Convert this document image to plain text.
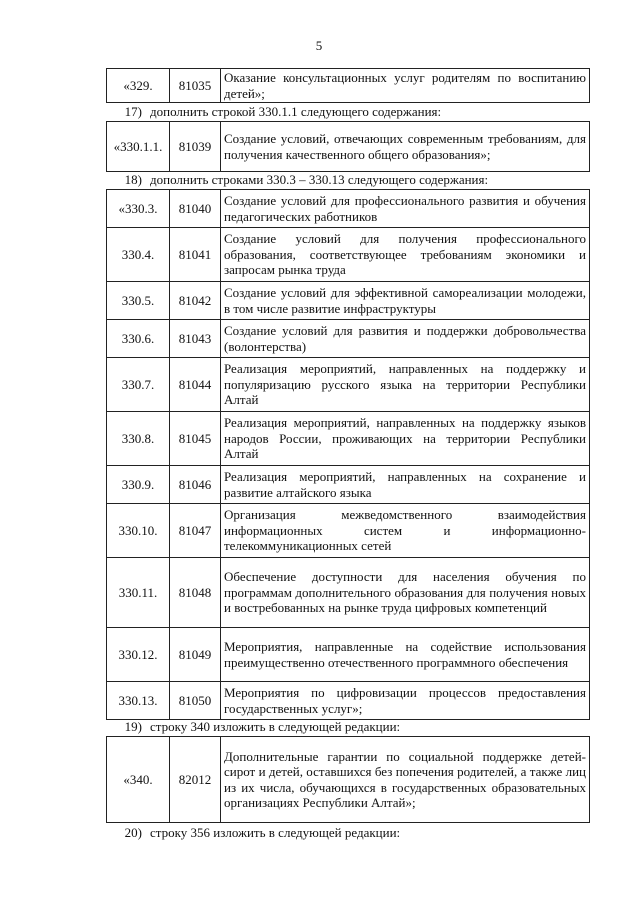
5
«329.	81035	Оказание консультационных услуг родителям по воспитанию детей»;
17) дополнить строкой 330.1.1 следующего содержания:
«330.1.1.	81039	Создание условий, отвечающих современным требованиям, для получения качественного общего образования»;
18) дополнить строками 330.3 – 330.13 следующего содержания:
«330.3.	81040	Создание условий для профессионального развития и обучения педагогических работников
330.4.	81041	Создание условий для получения профессионального образования, соответствующее требованиям экономики и запросам рынка труда
330.5.	81042	Создание условий для эффективной самореализации молодежи, в том числе развитие инфраструктуры
330.6.	81043	Создание условий для развития и поддержки добровольчества (волонтерства)
330.7.	81044	Реализация мероприятий, направленных на поддержку и популяризацию русского языка на территории Республики Алтай
330.8.	81045	Реализация мероприятий, направленных на поддержку языков народов России, проживающих на территории Республики Алтай
330.9.	81046	Реализация мероприятий, направленных на сохранение и развитие алтайского языка
330.10.	81047	Организация межведомственного взаимодействия информационных систем и информационно-телекоммуникационных сетей
330.11.	81048	Обеспечение доступности для населения обучения по программам дополнительного образования для получения новых и востребованных на рынке труда цифровых компетенций
330.12.	81049	Мероприятия, направленные на содействие использования преимущественно отечественного программного обеспечения
330.13.	81050	Мероприятия по цифровизации процессов предоставления государственных услуг»;
19) строку 340 изложить в следующей редакции:
«340.	82012	Дополнительные гарантии по социальной поддержке детей-сирот и детей, оставшихся без попечения родителей, а также лиц из их числа, обучающихся в государственных образовательных организациях Республики Алтай»;
20) строку 356 изложить в следующей редакции:
